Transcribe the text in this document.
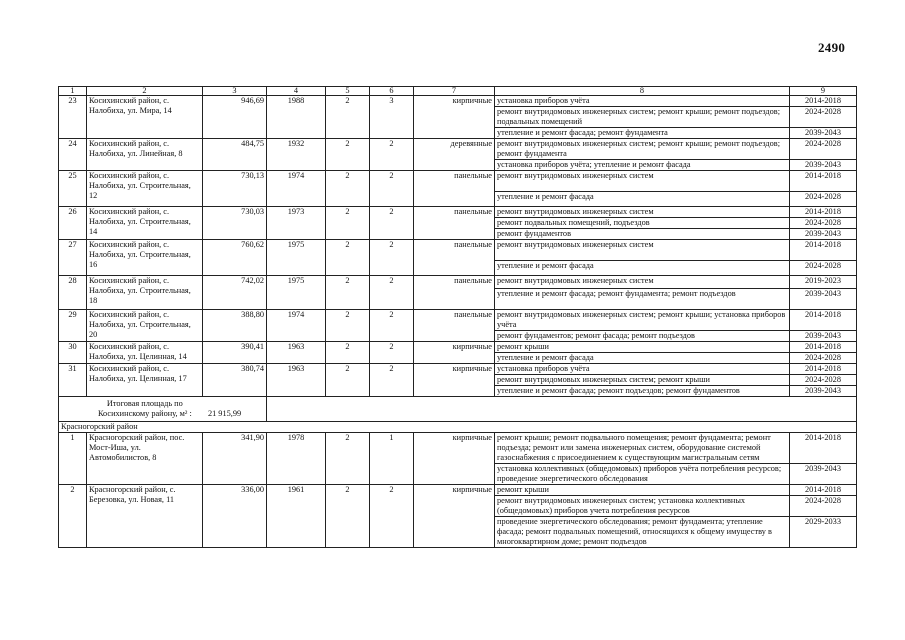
2490
1	2	3	4	5	6	7	8	9
23	Косихинский район, с. Налобиха, ул. Мира, 14	946,69	1988	2	3	кирпичные	установка приборов учёта	2014-2018
							ремонт внутридомовых инженерных систем; ремонт крыши; ремонт подъездов; подвальных помещений	2024-2028
							утепление и ремонт фасада; ремонт фундамента	2039-2043
24	Косихинский район, с. Налобиха, ул. Линейная, 8	484,75	1932	2	2	деревянные	ремонт внутридомовых инженерных систем; ремонт крыши; ремонт подъездов; ремонт фундамента	2024-2028
							установка приборов учёта; утепление и ремонт фасада	2039-2043
25	Косихинский район, с. Налобиха, ул. Строительная, 12	730,13	1974	2	2	панельные	ремонт внутридомовых инженерных систем	2014-2018
							утепление и ремонт фасада	2024-2028
26	Косихинский район, с. Налобиха, ул. Строительная, 14	730,03	1973	2	2	панельные	ремонт внутридомовых инженерных систем	2014-2018
							ремонт подвальных помещений, подъездов	2024-2028
							ремонт фундаментов	2039-2043
27	Косихинский район, с. Налобиха, ул. Строительная, 16	760,62	1975	2	2	панельные	ремонт внутридомовых инженерных систем	2014-2018
							утепление и ремонт фасада	2024-2028
28	Косихинский район, с. Налобиха, ул. Строительная, 18	742,02	1975	2	2	панельные	ремонт внутридомовых инженерных систем	2019-2023
							утепление и ремонт фасада; ремонт фундамента; ремонт подъездов	2039-2043
29	Косихинский район, с. Налобиха, ул. Строительная, 20	388,80	1974	2	2	панельные	ремонт внутридомовых инженерных систем; ремонт крыши; установка приборов учёта	2014-2018
							ремонт фундаментов; ремонт фасада; ремонт подъездов	2039-2043
30	Косихинский район, с. Налобиха, ул. Целинная, 14	390,41	1963	2	2	кирпичные	ремонт крыши	2014-2018
							утепление и ремонт фасада	2024-2028
31	Косихинский район, с. Налобиха, ул. Целинная, 17	380,74	1963	2	2	кирпичные	установка приборов учёта	2014-2018
							ремонт внутридомовых инженерных систем; ремонт крыши	2024-2028
							утепление и ремонт фасада; ремонт подъездов; ремонт фундаментов	2039-2043
Итоговая площадь по Косихинскому району, м² : 21 915,99								
Красногорский район								
1	Красногорский район, пос. Мост-Иша, ул. Автомобилистов, 8	341,90	1978	2	1	кирпичные	ремонт крыши; ремонт подвального помещения; ремонт фундамента; ремонт подъезда; ремонт или замена инженерных систем, оборудование системой газоснабжения с присоединением к существующим магистральным сетям	2014-2018
							установка коллективных (общедомовых) приборов учёта потребления ресурсов; проведение энергетического обследования	2039-2043
2	Красногорский район, с. Березовка, ул. Новая, 11	336,00	1961	2	2	кирпичные	ремонт крыши	2014-2018
							ремонт внутридомовых инженерных систем; установка коллективных (общедомовых) приборов учета потребления ресурсов	2024-2028
							проведение энергетического обследования; ремонт фундамента; утепление фасада; ремонт подвальных помещений, относящихся к общему имуществу в многоквартирном доме; ремонт подъездов	2029-2033
